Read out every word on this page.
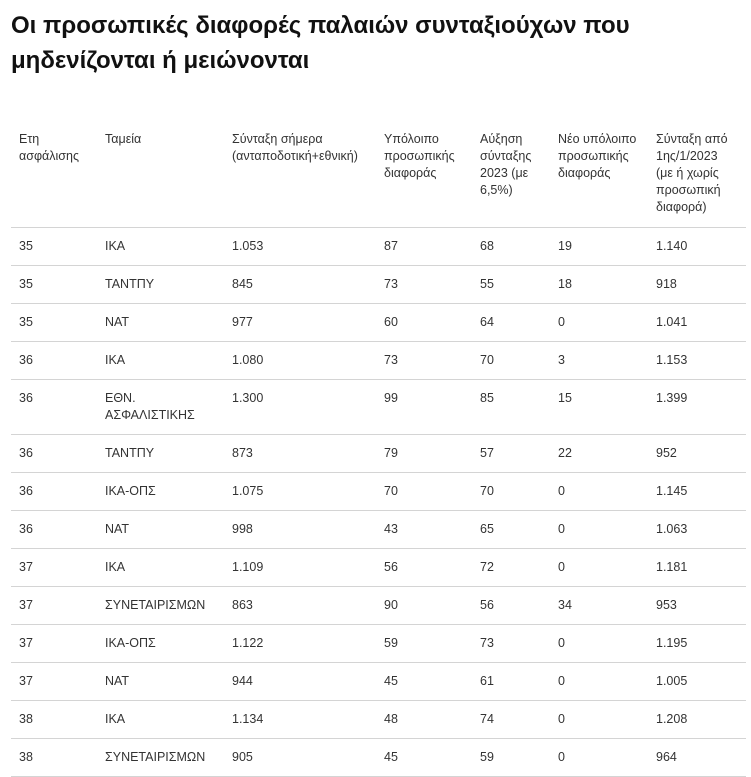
Οι προσωπικές διαφορές παλαιών συνταξιούχων που μηδενίζονται ή μειώνονται
Ετη ασφάλισης	Ταμεία	Σύνταξη σήμερα (ανταποδοτική+εθνική)	Υπόλοιπο προσωπικής διαφοράς	Αύξηση σύνταξης 2023 (με 6,5%)	Νέο υπόλοιπο προσωπικής διαφοράς	Σύνταξη από 1ης/1/2023 (με ή χωρίς προσωπική διαφορά)
35	ΙΚΑ	1.053	87	68	19	1.140
35	ΤΑΝΤΠΥ	845	73	55	18	918
35	ΝΑΤ	977	60	64	0	1.041
36	ΙΚΑ	1.080	73	70	3	1.153
36	ΕΘΝ. ΑΣΦΑΛΙΣΤΙΚΗΣ	1.300	99	85	15	1.399
36	ΤΑΝΤΠΥ	873	79	57	22	952
36	ΙΚΑ-ΟΠΣ	1.075	70	70	0	1.145
36	ΝΑΤ	998	43	65	0	1.063
37	ΙΚΑ	1.109	56	72	0	1.181
37	ΣΥΝΕΤΑΙΡΙΣΜΩΝ	863	90	56	34	953
37	ΙΚΑ-ΟΠΣ	1.122	59	73	0	1.195
37	ΝΑΤ	944	45	61	0	1.005
38	ΙΚΑ	1.134	48	74	0	1.208
38	ΣΥΝΕΤΑΙΡΙΣΜΩΝ	905	45	59	0	964
